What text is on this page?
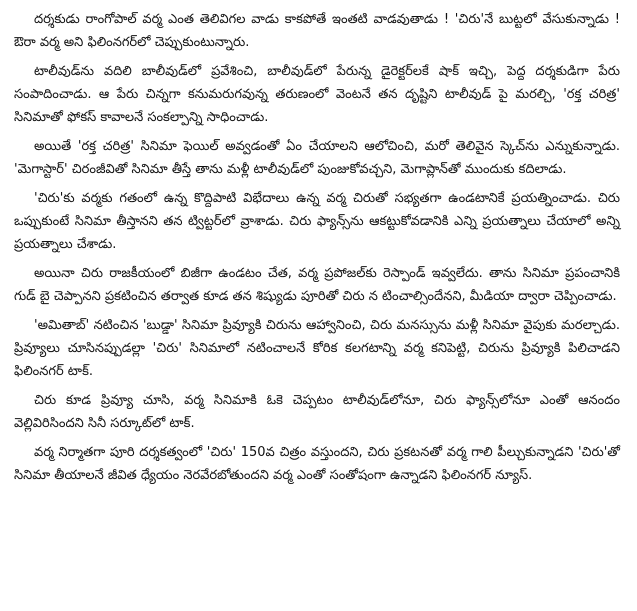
దర్శకుడు రాంగోపాల్ వర్మ ఎంత తెలివిగల వాడు కాకపోతే ఇంతటి వాడవుతాడు ! 'చిరు'నే బుట్టలో వేసుకున్నాడు ! ఔరా వర్మ అని ఫిలింనగర్‌లో చెప్పుకుంటున్నారు.

టాలీవుడ్‌ను వదిలి బాలీవుడ్‌లో ప్రవేశించి, బాలీవుడ్‌లో పేరున్న డైరెక్టర్‌లకే షాక్ ఇచ్చి, పెద్ద దర్శకుడిగా పేరు సంపాదించాడు. ఆ పేరు చిన్నగా కనుమరుగవున్న తరుణంలో వెంటనే తన దృష్టిని టాలీవుడ్ పై మరల్చి, 'రక్త చరిత్ర' సినిమాతో ఫోకస్ కావాలనే సంకల్పాన్ని సాధించాడు.

అయితే 'రక్త చరిత్ర' సినిమా ఫెయిల్ అవ్వడంతో ఏం చేయాలని ఆలోచించి, మరో తెలివైన స్కెచ్‌ను ఎన్నుకున్నాడు. 'మెగాస్టార్' చిరంజీవితో సినిమా తీస్తే తాను మళ్లీ టాలీవుడ్‌లో పుంజుకోవచ్చని, మెగాప్లాన్‌తో ముందుకు కదిలాడు.

'చిరు'కు వర్మకు గతంలో ఉన్న కొద్దిపాటి విభేదాలు ఉన్న వర్మ చిరుతో సభ్యతగా ఉండటానికే ప్రయత్నించాడు. చిరు ఒప్పుకుంటే సినిమా తీస్తానని తన ట్విట్టర్‌లో వ్రాశాడు. చిరు ఫ్యాన్స్‌ను ఆకట్టుకోవడానికి ఎన్ని ప్రయత్నాలు చేయాలో అన్ని ప్రయత్నాలు చేశాడు.

అయినా చిరు రాజకీయంలో బిజీగా ఉండటం చేత, వర్మ ప్రపోజల్‌కు రెస్పాండ్ ఇవ్వలేదు. తాను సినిమా ప్రపంచానికి గుడ్ బై చెప్పానని ప్రకటించిన తర్వాత కూడ తన శిష్యుడు పూరితో చిరు న టించాల్సిందేనని, మీడియా ద్వారా చెప్పించాడు.

'అమితాబ్' నటించిన 'బుడ్డా' సినిమా ప్రివ్యూకి చిరును ఆహ్వానించి, చిరు మనస్సును మళ్లీ సినిమా వైపుకు మరల్చాడు. ప్రివ్యూలు చూసినప్పుడల్లా 'చిరు' సినిమాలో నటించాలనే కోరిక కలగటాన్ని వర్మ కనిపెట్టి, చిరును ప్రివ్యూకి పిలిచాడని ఫిలింనగర్ టాక్.

చిరు కూడ ప్రివ్యూ చూసి, వర్మ సినిమాకి ఓకె చెప్పటం టాలీవుడ్‌లోనూ, చిరు ఫ్యాన్స్‌లోనూ ఎంతో ఆనందం వెల్లివిరిసిందని సినీ సర్కూట్‌లో టాక్.

వర్మ నిర్మాతగా పూరి దర్శకత్వంలో 'చిరు' 150వ చిత్రం వస్తుందని, చిరు ప్రకటనతో వర్మ గాలి పీల్చుకున్నాడని 'చిరు'తో సినిమా తీయాలనే జీవిత ధ్యేయం నెరవేరబోతుందని వర్మ ఎంతో సంతోషంగా ఉన్నాడని ఫిలింనగర్ న్యూస్.
